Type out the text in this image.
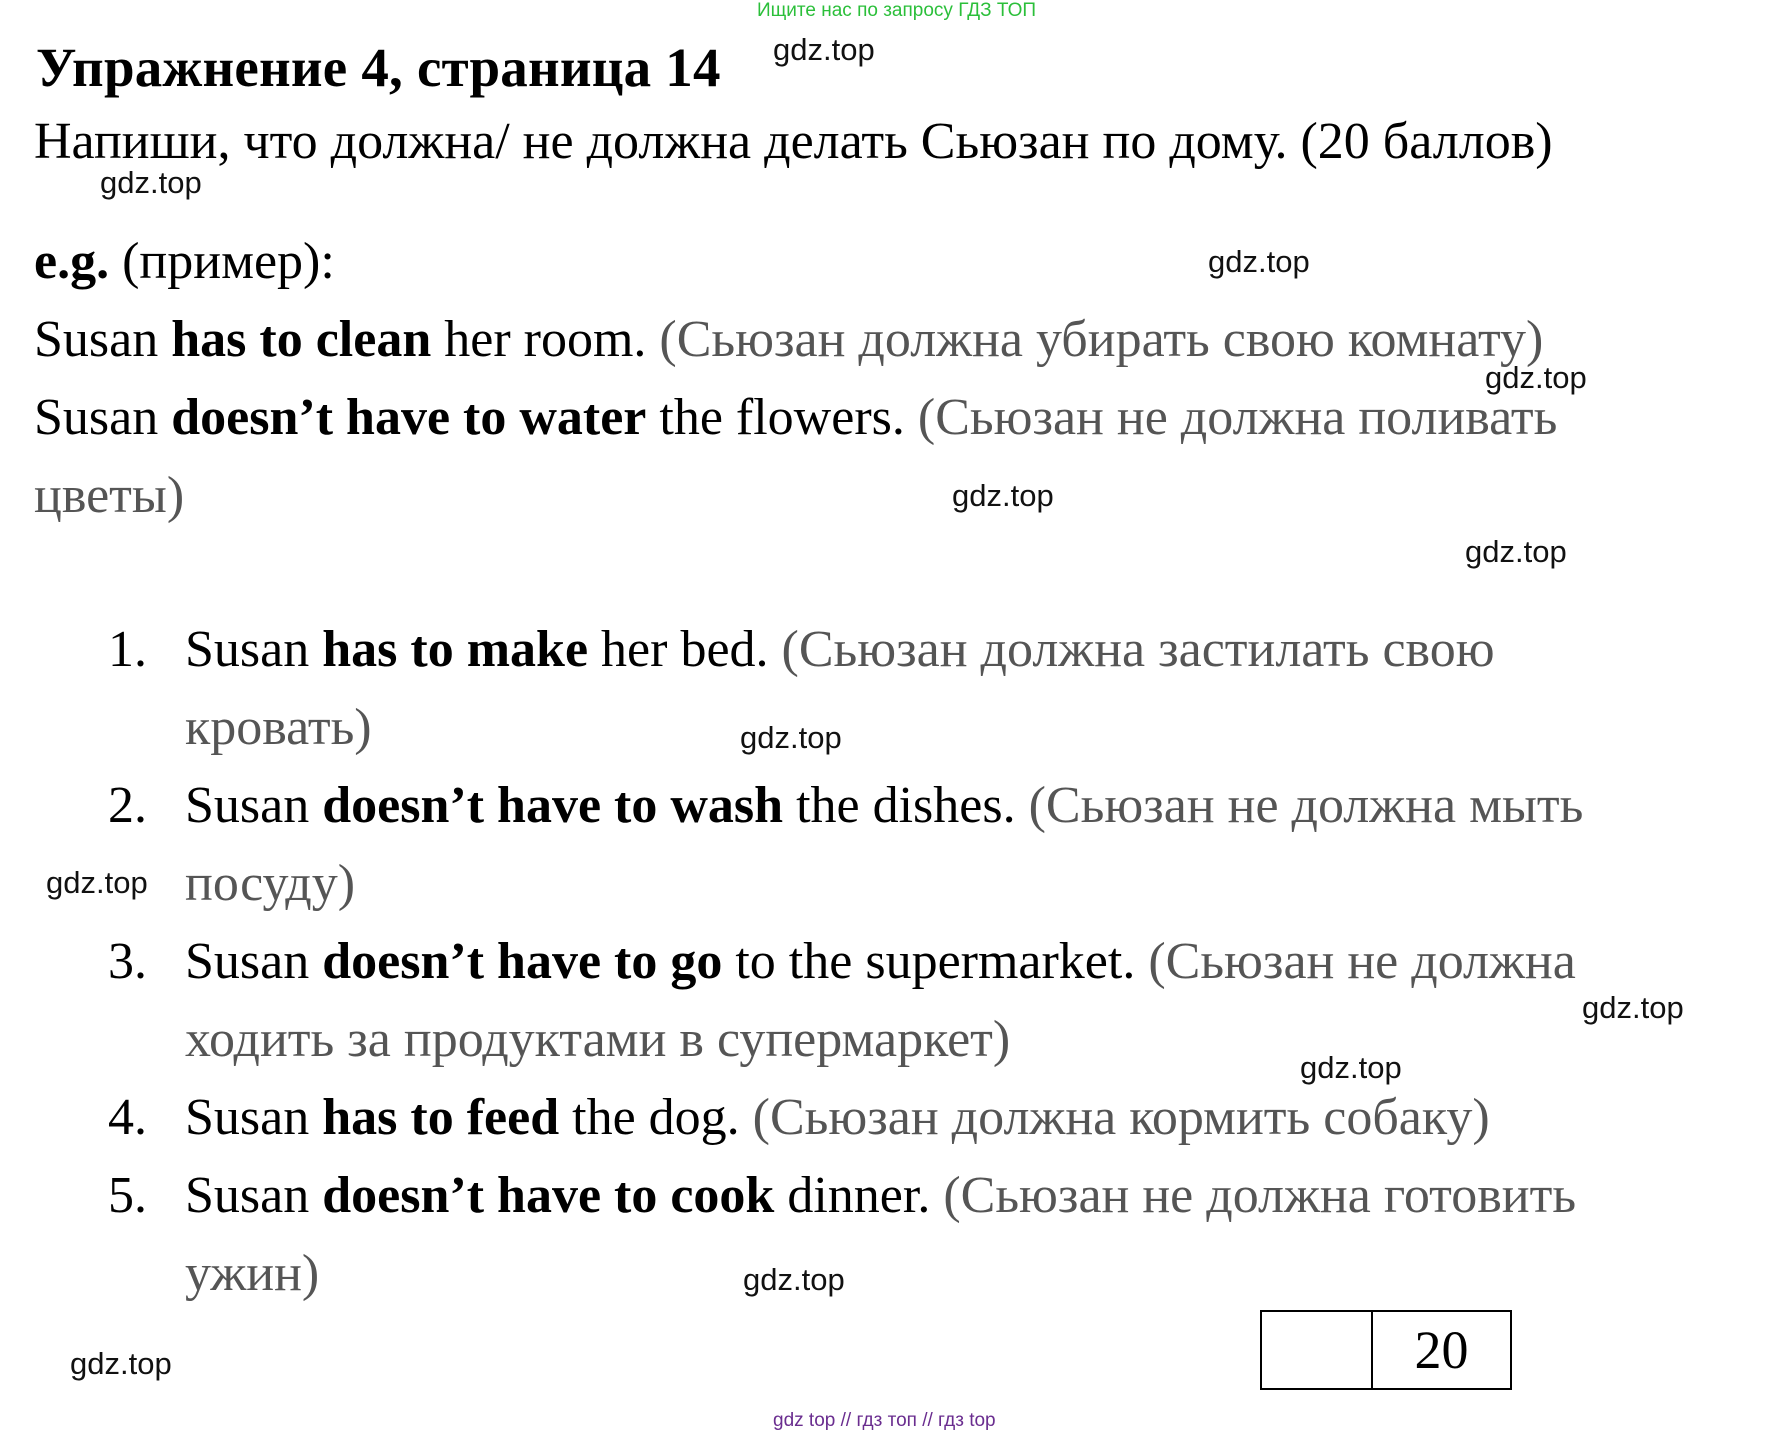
Ищите нас по запросу ГДЗ ТОП
Упражнение 4, страница 14 gdz.top
Напиши, что должна/ не должна делать Сьюзан по дому. (20 баллов)
gdz.top
e.g. (пример):	gdz.top
Susan has to clean her room. (Сьюзан должна убирать свою комнату)
gdz.top
Susan doesn’t have to water the flowers. (Сьюзан не должна поливать
цветы)	gdz.top
gdz.top
1. Susan has to make her bed. (Сьюзан должна застилать свою
кровать)	gdz.top
2. Susan doesn’t have to wash the dishes. (Сьюзан не должна мыть
посуду)
gdz.top
3. Susan doesn’t have to go to the supermarket. (Сьюзан не должна
gdz.top
ходить за продуктами в супермаркет)	gdz.top
4. Susan has to feed the dog. (Сьюзан должна кормить собаку)
5. Susan doesn’t have to cook dinner. (Сьюзан не должна готовить
ужин)	gdz.top
20
gdz.top
gdz top // гдз топ // гдз top
